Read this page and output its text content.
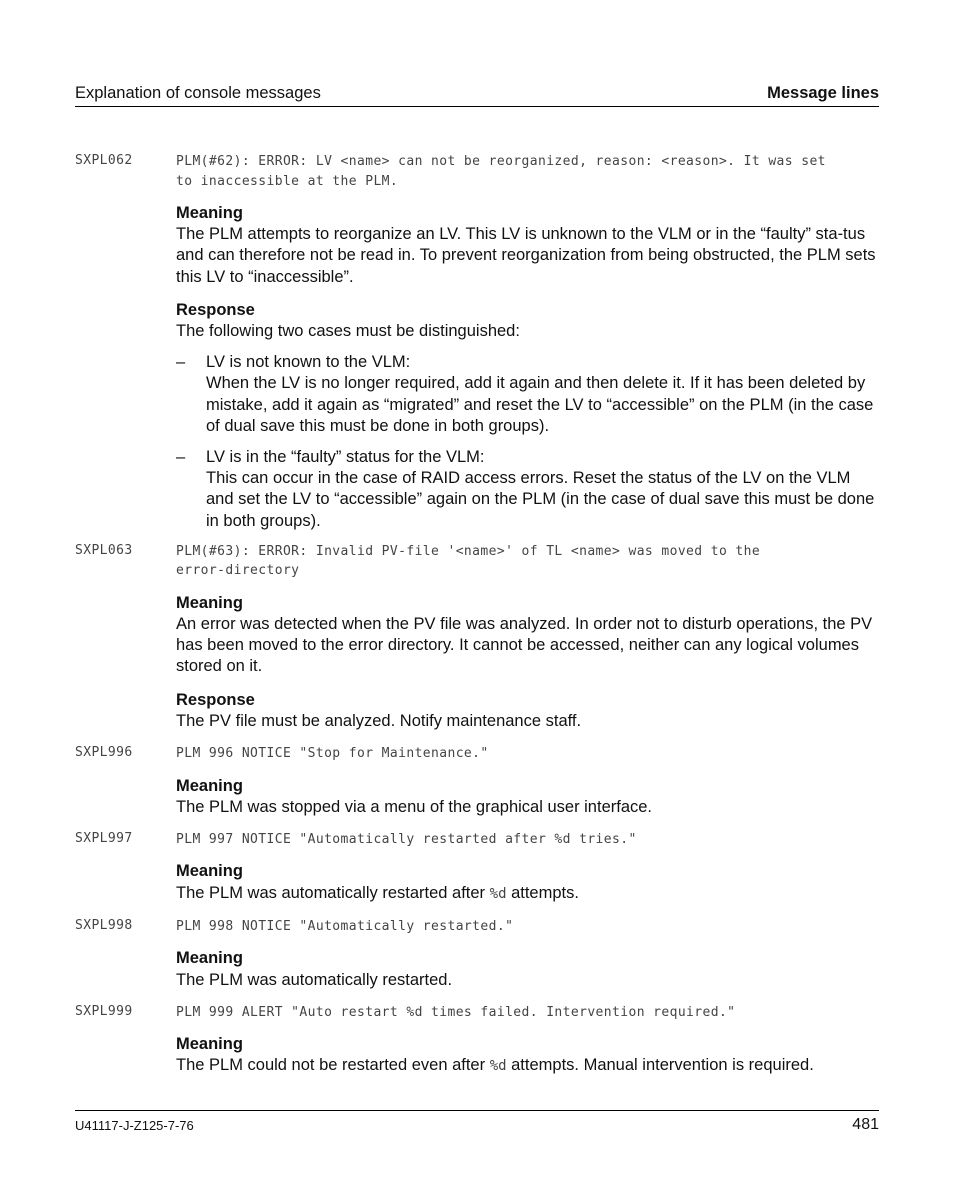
Explanation of console messages	Message lines
SXPL062	PLM(#62): ERROR: LV <name> can not be reorganized, reason: <reason>. It was set
to inaccessible at the PLM.
Meaning
The PLM attempts to reorganize an LV. This LV is unknown to the VLM or in the “faulty” sta-tus and can therefore not be read in. To prevent reorganization from being obstructed, the PLM sets this LV to “inaccessible”.
Response
The following two cases must be distinguished:
– LV is not known to the VLM:
When the LV is no longer required, add it again and then delete it. If it has been deleted by mistake, add it again as “migrated” and reset the LV to “accessible” on the PLM (in the case of dual save this must be done in both groups).
– LV is in the “faulty” status for the VLM:
This can occur in the case of RAID access errors. Reset the status of the LV on the VLM and set the LV to “accessible” again on the PLM (in the case of dual save this must be done in both groups).
SXPL063	PLM(#63): ERROR: Invalid PV-file '<name>' of TL <name> was moved to the
error-directory
Meaning
An error was detected when the PV file was analyzed. In order not to disturb operations, the PV has been moved to the error directory. It cannot be accessed, neither can any logical volumes stored on it.
Response
The PV file must be analyzed. Notify maintenance staff.
SXPL996	PLM 996 NOTICE "Stop for Maintenance."
Meaning
The PLM was stopped via a menu of the graphical user interface.
SXPL997	PLM 997 NOTICE "Automatically restarted after %d tries."
Meaning
The PLM was automatically restarted after %d attempts.
SXPL998	PLM 998 NOTICE "Automatically restarted."
Meaning
The PLM was automatically restarted.
SXPL999	PLM 999 ALERT "Auto restart %d times failed. Intervention required."
Meaning
The PLM could not be restarted even after %d attempts. Manual intervention is required.
U41117-J-Z125-7-76	481
